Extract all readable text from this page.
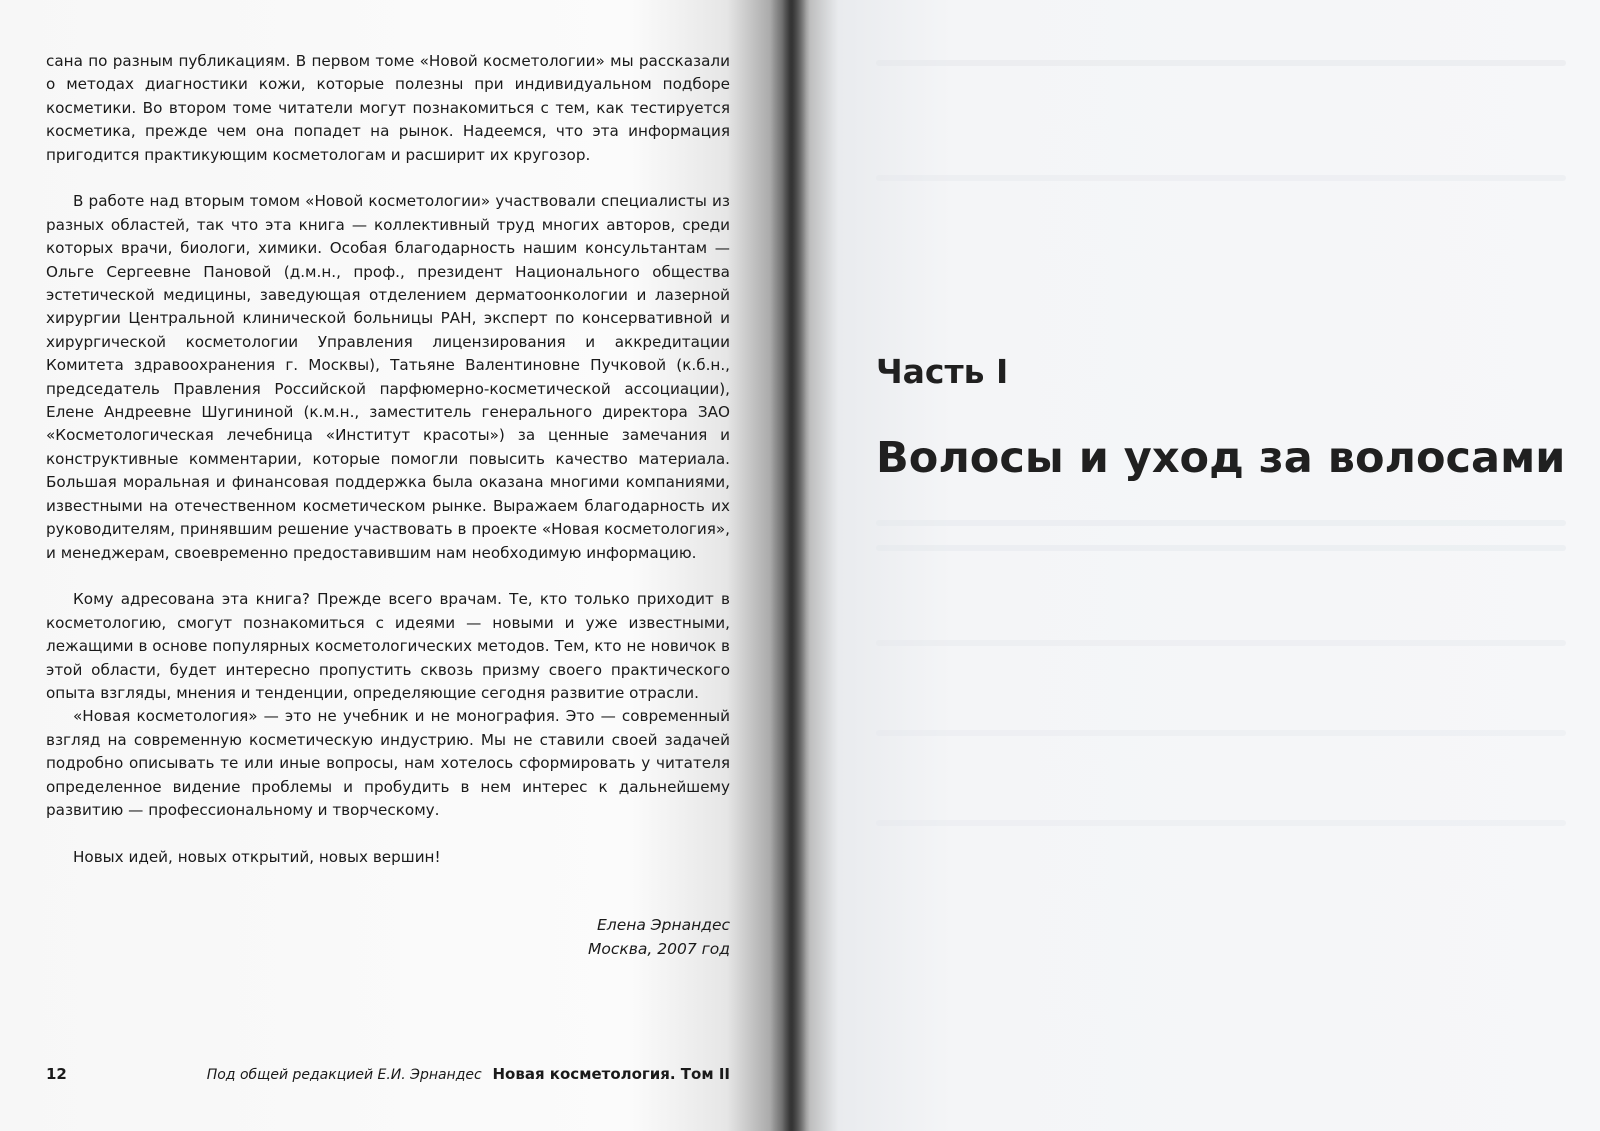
сана по разным публикациям. В первом томе «Новой косметологии» мы рассказали о методах диагностики кожи, которые полезны при индивидуальном подборе косметики. Во втором томе читатели могут познакомиться с тем, как тестируется косметика, прежде чем она попадет на рынок. Надеемся, что эта информация пригодится практикующим косметологам и расширит их кругозор.

В работе над вторым томом «Новой косметологии» участвовали специалисты из разных областей, так что эта книга — коллективный труд многих авторов, среди которых врачи, биологи, химики. Особая благодарность нашим консультантам — Ольге Сергеевне Пановой (д.м.н., проф., президент Национального общества эстетической медицины, заведующая отделением дерматоонкологии и лазерной хирургии Центральной клинической больницы РАН, эксперт по консервативной и хирургической косметологии Управления лицензирования и аккредитации Комитета здравоохранения г. Москвы), Татьяне Валентиновне Пучковой (к.б.н., председатель Правления Российской парфюмерно-косметической ассоциации), Елене Андреевне Шугининой (к.м.н., заместитель генерального директора ЗАО «Косметологическая лечебница «Институт красоты») за ценные замечания и конструктивные комментарии, которые помогли повысить качество материала. Большая моральная и финансовая поддержка была оказана многими компаниями, известными на отечественном косметическом рынке. Выражаем благодарность их руководителям, принявшим решение участвовать в проекте «Новая косметология», и менеджерам, своевременно предоставившим нам необходимую информацию.

Кому адресована эта книга? Прежде всего врачам. Те, кто только приходит в косметологию, смогут познакомиться с идеями — новыми и уже известными, лежащими в основе популярных косметологических методов. Тем, кто не новичок в этой области, будет интересно пропустить сквозь призму своего практического опыта взгляды, мнения и тенденции, определяющие сегодня развитие отрасли.

«Новая косметология» — это не учебник и не монография. Это — современный взгляд на современную косметическую индустрию. Мы не ставили своей задачей подробно описывать те или иные вопросы, нам хотелось сформировать у читателя определенное видение проблемы и пробудить в нем интерес к дальнейшему развитию — профессиональному и творческому.

Новых идей, новых открытий, новых вершин!

12	Под общей редакцией Е.И. Эрнандес Новая косметология. Том II
Елена Эрнандес
Москва, 2007 год
Часть I
Волосы и уход за волосами
